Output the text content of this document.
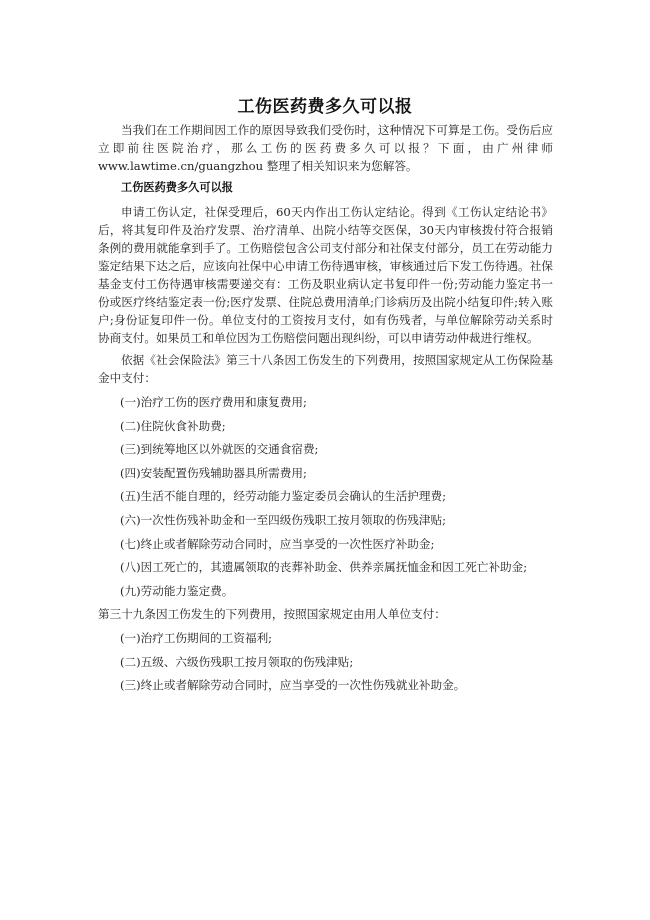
工伤医药费多久可以报

当我们在工作期间因工作的原因导致我们受伤时，这种情况下可算是工伤。受伤后应立即前往医院治疗，那么工伤的医药费多久可以报？下面，由广州律师 www.lawtime.cn/guangzhou 整理了相关知识来为您解答。

工伤医药费多久可以报

申请工伤认定，社保受理后，60天内作出工伤认定结论。得到《工伤认定结论书》后，将其复印件及治疗发票、治疗清单、出院小结等交医保，30天内审核拨付符合报销条例的费用就能拿到手了。工伤赔偿包含公司支付部分和社保支付部分，员工在劳动能力鉴定结果下达之后，应该向社保中心申请工伤待遇审核，审核通过后下发工伤待遇。社保基金支付工伤待遇审核需要递交有：工伤及职业病认定书复印件一份;劳动能力鉴定书一份或医疗终结鉴定表一份;医疗发票、住院总费用清单;门诊病历及出院小结复印件;转入账户;身份证复印件一份。单位支付的工资按月支付，如有伤残者，与单位解除劳动关系时协商支付。如果员工和单位因为工伤赔偿问题出现纠纷，可以申请劳动仲裁进行维权。

依据《社会保险法》第三十八条因工伤发生的下列费用，按照国家规定从工伤保险基金中支付：

(一)治疗工伤的医疗费用和康复费用;

(二)住院伙食补助费;

(三)到统筹地区以外就医的交通食宿费;

(四)安装配置伤残辅助器具所需费用;

(五)生活不能自理的，经劳动能力鉴定委员会确认的生活护理费;

(六)一次性伤残补助金和一至四级伤残职工按月领取的伤残津贴;

(七)终止或者解除劳动合同时，应当享受的一次性医疗补助金;

(八)因工死亡的，其遗属领取的丧葬补助金、供养亲属抚恤金和因工死亡补助金;

(九)劳动能力鉴定费。

第三十九条因工伤发生的下列费用，按照国家规定由用人单位支付：

(一)治疗工伤期间的工资福利;

(二)五级、六级伤残职工按月领取的伤残津贴;

(三)终止或者解除劳动合同时，应当享受的一次性伤残就业补助金。
